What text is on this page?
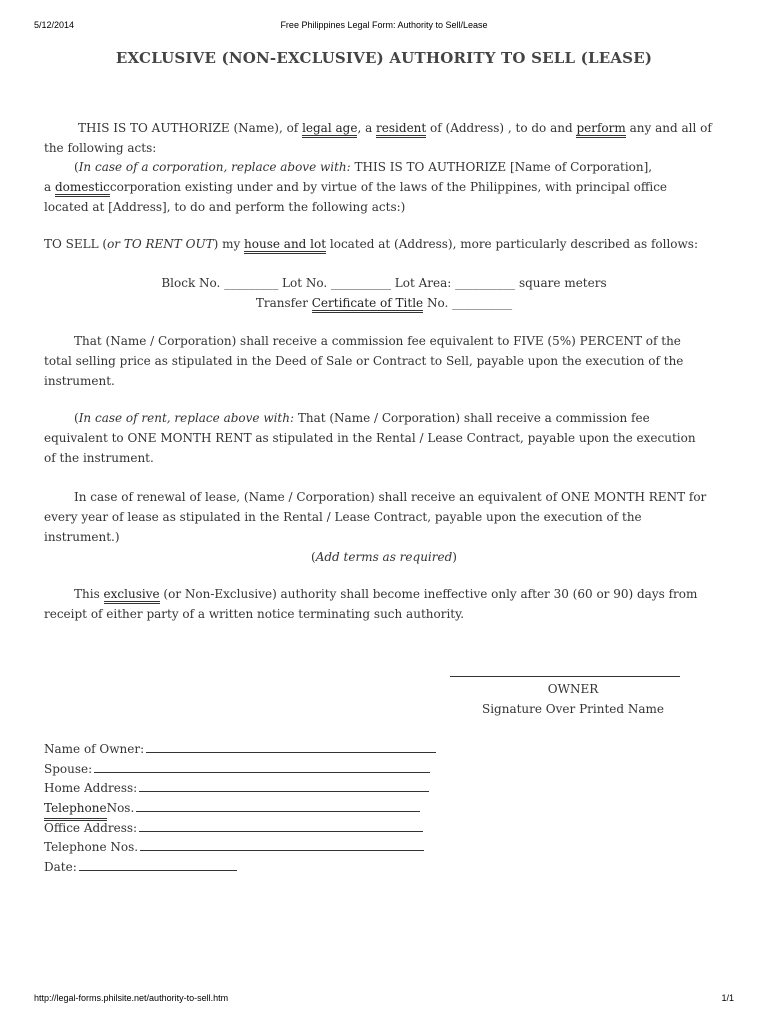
5/12/2014	Free Philippines Legal Form: Authority to Sell/Lease
EXCLUSIVE (NON-EXCLUSIVE) AUTHORITY TO SELL (LEASE)
THIS IS TO AUTHORIZE (Name), of legal age, a resident of (Address) , to do and perform any and all of
the following acts:
(In case of a corporation, replace above with: THIS IS TO AUTHORIZE [Name of Corporation],
a domesticcorporation existing under and by virtue of the laws of the Philippines, with principal office
located at [Address], to do and perform the following acts:)
TO SELL (or TO RENT OUT) my house and lot located at (Address), more particularly described as follows:
Block No. _________ Lot No. __________ Lot Area: __________ square meters
Transfer Certificate of Title No. __________
That (Name / Corporation) shall receive a commission fee equivalent to FIVE (5%) PERCENT of the
total selling price as stipulated in the Deed of Sale or Contract to Sell, payable upon the execution of the
instrument.
(In case of rent, replace above with: That (Name / Corporation) shall receive a commission fee
equivalent to ONE MONTH RENT as stipulated in the Rental / Lease Contract, payable upon the execution
of the instrument.
In case of renewal of lease, (Name / Corporation) shall receive an equivalent of ONE MONTH RENT for
every year of lease as stipulated in the Rental / Lease Contract, payable upon the execution of the
instrument.)
(Add terms as required)
This exclusive (or Non-Exclusive) authority shall become ineffective only after 30 (60 or 90) days from
receipt of either party of a written notice terminating such authority.
OWNER
Signature Over Printed Name
Name of Owner:
Spouse:
Home Address:
Telephone Nos.
Office Address:
Telephone Nos.
Date:
http://legal-forms.philsite.net/authority-to-sell.htm	1/1
